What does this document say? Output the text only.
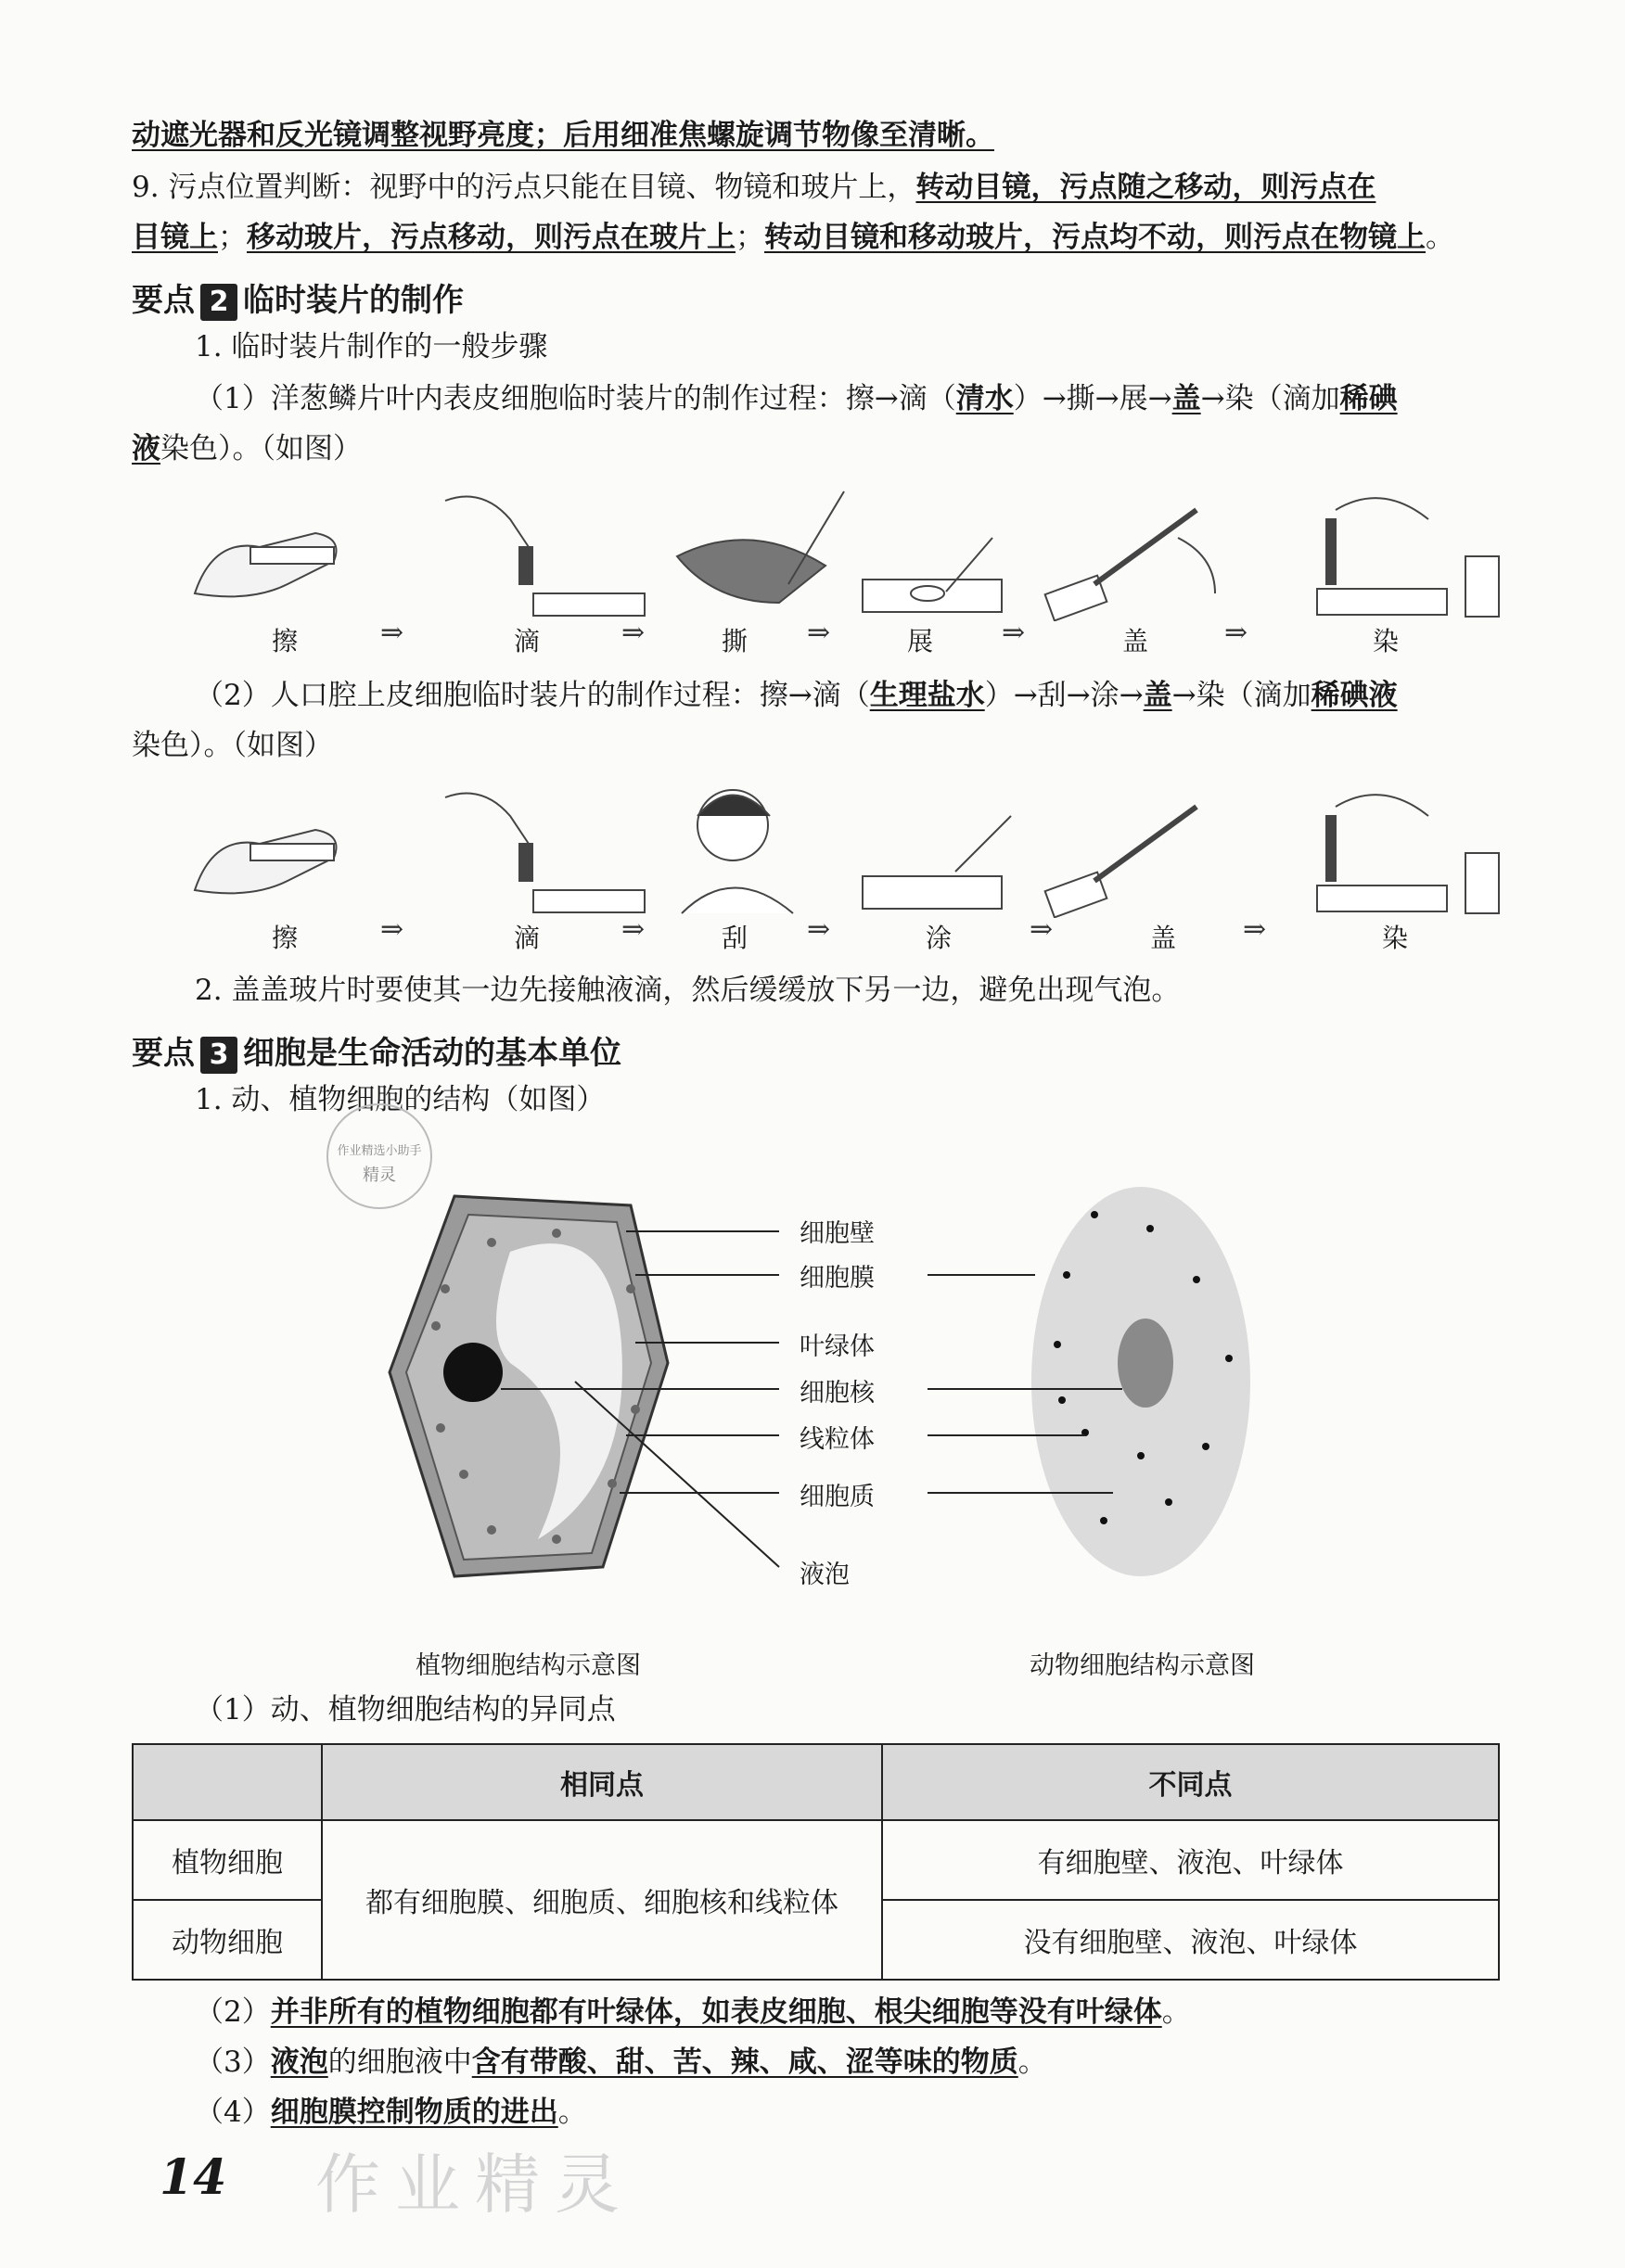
动遮光器和反光镜调整视野亮度；后用细准焦螺旋调节物像至清晰。
9. 污点位置判断：视野中的污点只能在目镜、物镜和玻片上，转动目镜，污点随之移动，则污点在
目镜上；移动玻片，污点移动，则污点在玻片上；转动目镜和移动玻片，污点均不动，则污点在物镜上。
要点 2 临时装片的制作
1. 临时装片制作的一般步骤
（1）洋葱鳞片叶内表皮细胞临时装片的制作过程：擦→滴（清水）→撕→展→盖→染（滴加稀碘
液染色）。（如图）
擦	⇒	滴	⇒	撕 ⇒	展 ⇒	盖	⇒	染
（2）人口腔上皮细胞临时装片的制作过程：擦→滴（生理盐水）→刮→涂→盖→染（滴加稀碘液
染色）。（如图）
擦	⇒	滴	⇒	刮 ⇒	涂	⇒	盖 ⇒	染
2. 盖盖玻片时要使其一边先接触液滴，然后缓缓放下另一边，避免出现气泡。
要点 3 细胞是生命活动的基本单位
1. 动、植物细胞的结构（如图）
作业精选小助手
精灵
细胞壁
细胞膜
叶绿体
细胞核
线粒体
细胞质
液泡
植物细胞结构示意图	动物细胞结构示意图
（1）动、植物细胞结构的异同点
	相同点	不同点
植物细胞	都有细胞膜、细胞质、细胞核和线粒体	有细胞壁、液泡、叶绿体
动物细胞		没有细胞壁、液泡、叶绿体
（2）并非所有的植物细胞都有叶绿体，如表皮细胞、根尖细胞等没有叶绿体。
（3）液泡的细胞液中含有带酸、甜、苦、辣、咸、涩等味的物质。
（4）细胞膜控制物质的进出。
作业精灵
14
